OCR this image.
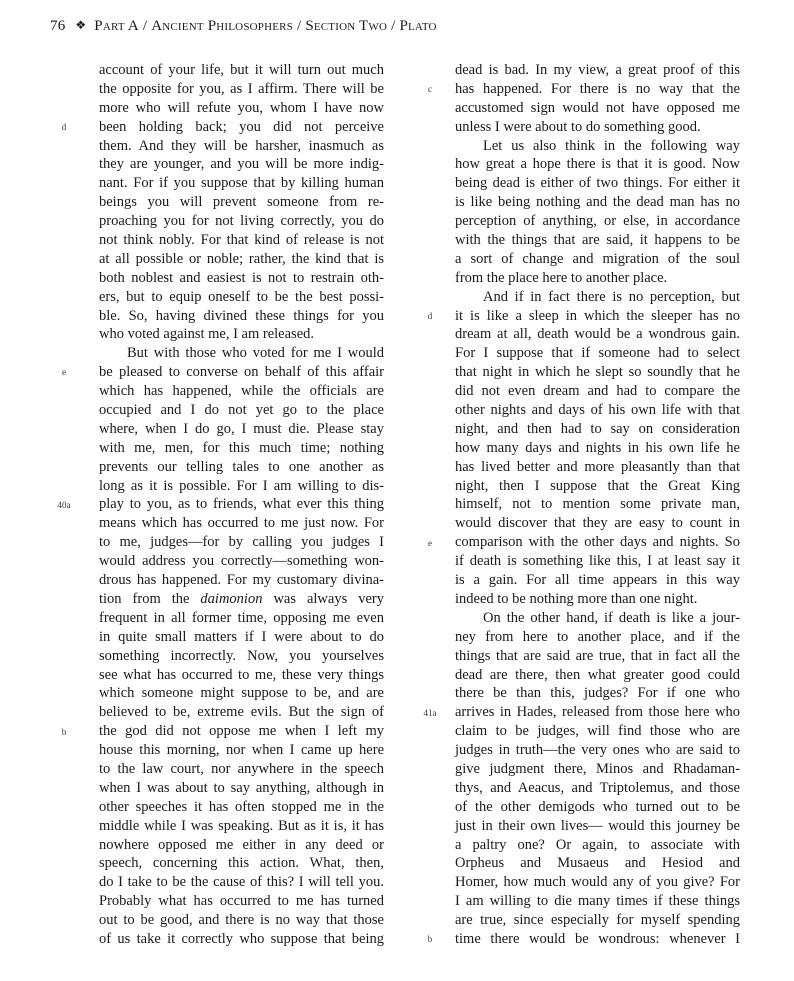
76 ❖ Part A / Ancient Philosophers / Section Two / Plato
account of your life, but it will turn out much
the opposite for you, as I affirm. There will be
more who will refute you, whom I have now
been holding back; you did not perceive
d
them. And they will be harsher, inasmuch as
they are younger, and you will be more indig-
nant. For if you suppose that by killing human
beings you will prevent someone from re-
proaching you for not living correctly, you do
not think nobly. For that kind of release is not
at all possible or noble; rather, the kind that is
both noblest and easiest is not to restrain oth-
ers, but to equip oneself to be the best possi-
ble. So, having divined these things for you
who voted against me, I am released.
But with those who voted for me I would
be pleased to converse on behalf of this affair
e
which has happened, while the officials are
occupied and I do not yet go to the place
where, when I do go, I must die. Please stay
with me, men, for this much time; nothing
prevents our telling tales to one another as
long as it is possible. For I am willing to dis-
play to you, as to friends, what ever this thing
40a
means which has occurred to me just now. For
to me, judges—for by calling you judges I
would address you correctly—something won-
drous has happened. For my customary divina-
tion from the daimonion was always very
frequent in all former time, opposing me even
in quite small matters if I were about to do
something incorrectly. Now, you yourselves
see what has occurred to me, these very things
which someone might suppose to be, and are
believed to be, extreme evils. But the sign of
the god did not oppose me when I left my
b
house this morning, nor when I came up here
to the law court, nor anywhere in the speech
when I was about to say anything, although in
other speeches it has often stopped me in the
middle while I was speaking. But as it is, it has
nowhere opposed me either in any deed or
speech, concerning this action. What, then,
do I take to be the cause of this? I will tell you.
Probably what has occurred to me has turned
out to be good, and there is no way that those
of us take it correctly who suppose that being
dead is bad. In my view, a great proof of this
has happened. For there is no way that the
c
accustomed sign would not have opposed me
unless I were about to do something good.
Let us also think in the following way
how great a hope there is that it is good. Now
being dead is either of two things. For either it
is like being nothing and the dead man has no
perception of anything, or else, in accordance
with the things that are said, it happens to be
a sort of change and migration of the soul
from the place here to another place.
And if in fact there is no perception, but
it is like a sleep in which the sleeper has no
d
dream at all, death would be a wondrous gain.
For I suppose that if someone had to select
that night in which he slept so soundly that he
did not even dream and had to compare the
other nights and days of his own life with that
night, and then had to say on consideration
how many days and nights in his own life he
has lived better and more pleasantly than that
night, then I suppose that the Great King
himself, not to mention some private man,
would discover that they are easy to count in
comparison with the other days and nights. So
e
if death is something like this, I at least say it
is a gain. For all time appears in this way
indeed to be nothing more than one night.
On the other hand, if death is like a jour-
ney from here to another place, and if the
things that are said are true, that in fact all the
dead are there, then what greater good could
there be than this, judges? For if one who
arrives in Hades, released from those here who
41a
claim to be judges, will find those who are
judges in truth—the very ones who are said to
give judgment there, Minos and Rhadaman-
thys, and Aeacus, and Triptolemus, and those
of the other demigods who turned out to be
just in their own lives— would this journey be
a paltry one? Or again, to associate with
Orpheus and Musaeus and Hesiod and
Homer, how much would any of you give? For
I am willing to die many times if these things
are true, since especially for myself spending
time there would be wondrous: whenever I
b
